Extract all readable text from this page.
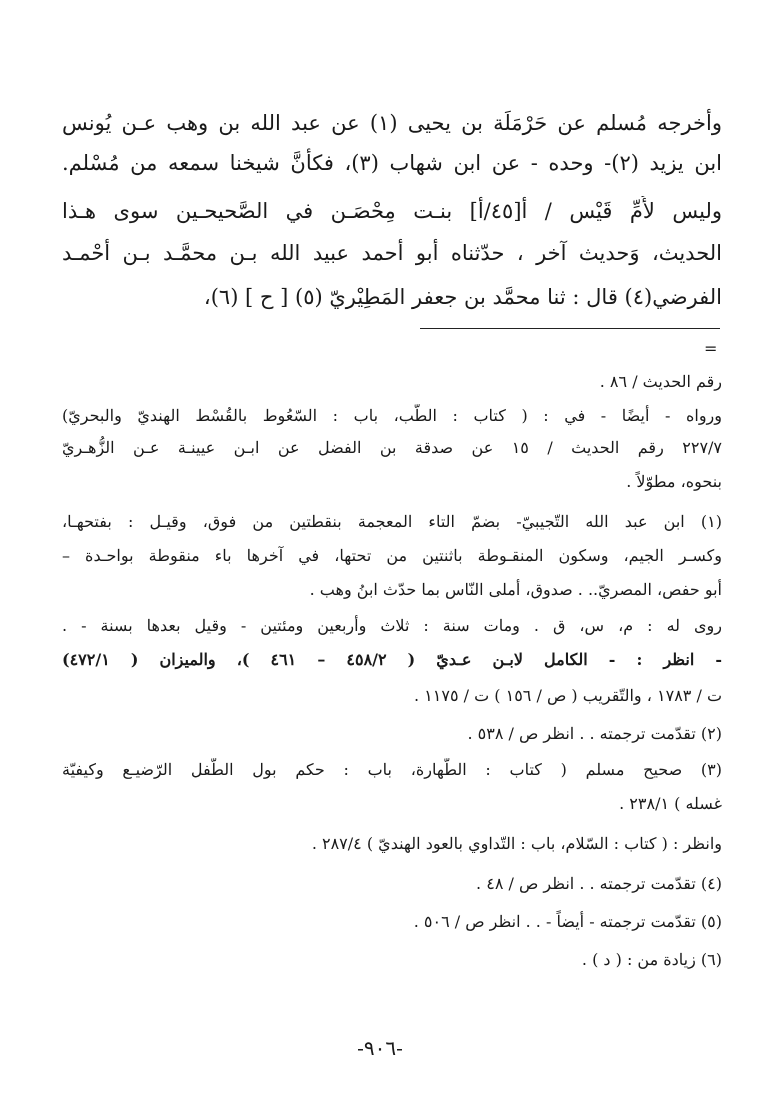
وأخرجه مُسلم عن حَرْمَلَة بن يحيى (١) عن عبد الله بن وهب عـن يُونس
ابن يزيد (٢)- وحده - عن ابن شهاب (٣)، فكأنَّ شيخنا سمعه من مُسْلم.
وليس لأُمِّ قَيْس / أ[٤٥/أ] بنـت مِحْصَـن في الصَّحيحـين سوى هـذا
الحديث، وَحديث آخر ، حدّثناه أبو أحمد عبيد الله بـن محمَّـد بـن أحْمـد
الفرضي(٤) قال : ثنا محمَّد بن جعفر المَطِيْريّ (٥) [ ح ] (٦)،
=
رقم الحديث / ٨٦ .
ورواه - أيضًا - في : ( كتاب : الطّب، باب : السّعُوط بالقُسْط الهنديّ والبحريّ)
٢٢٧/٧ رقم الحديث / ١٥ عن صدقة بن الفضل عن ابـن عيينـة عـن الزُّهـريّ
بنحوه، مطوّلاً .
(١) ابن عبد الله التّجيبيّ- بضمّ التاء المعجمة بنقطتين من فوق، وقيـل : بفتحهـا،
وكسـر الجيم، وسكون المنقـوطة باثنتين من تحتها، في آخرها باء منقوطة بواحـدة –
أبو حفص، المصريّ.. . صدوق، أملى النّاس بما حدّث ابنُ وهب .
روى له : م، س، ق . ومات سنة : ثلاث وأربعين ومئتين - وقيل بعدها بسنة - .
- انظر : - الكامل لابـن عـديّ ( ٤٥٨/٢ – ٤٦١ )، والميزان ( ٤٧٢/١)
ت / ١٧٨٣ ، والتّقريب ( ص / ١٥٦ ) ت / ١١٧٥ .
(٢) تقدّمت ترجمته . . انظر ص / ٥٣٨ .
(٣) صحيح مسلم ( كتاب : الطّهارة، باب : حكم بول الطّفل الرّضيـع وكيفيّة
غسله ) ٢٣٨/١ .
وانظر : ( كتاب : السّلام، باب : التّداوي بالعود الهنديّ ) ٢٨٧/٤ .
(٤) تقدّمت ترجمته . . انظر ص / ٤٨ .
(٥) تقدّمت ترجمته - أيضاً - . . انظر ص / ٥٠٦ .
(٦) زيادة من : ( د ) .
-٩٠٦-
